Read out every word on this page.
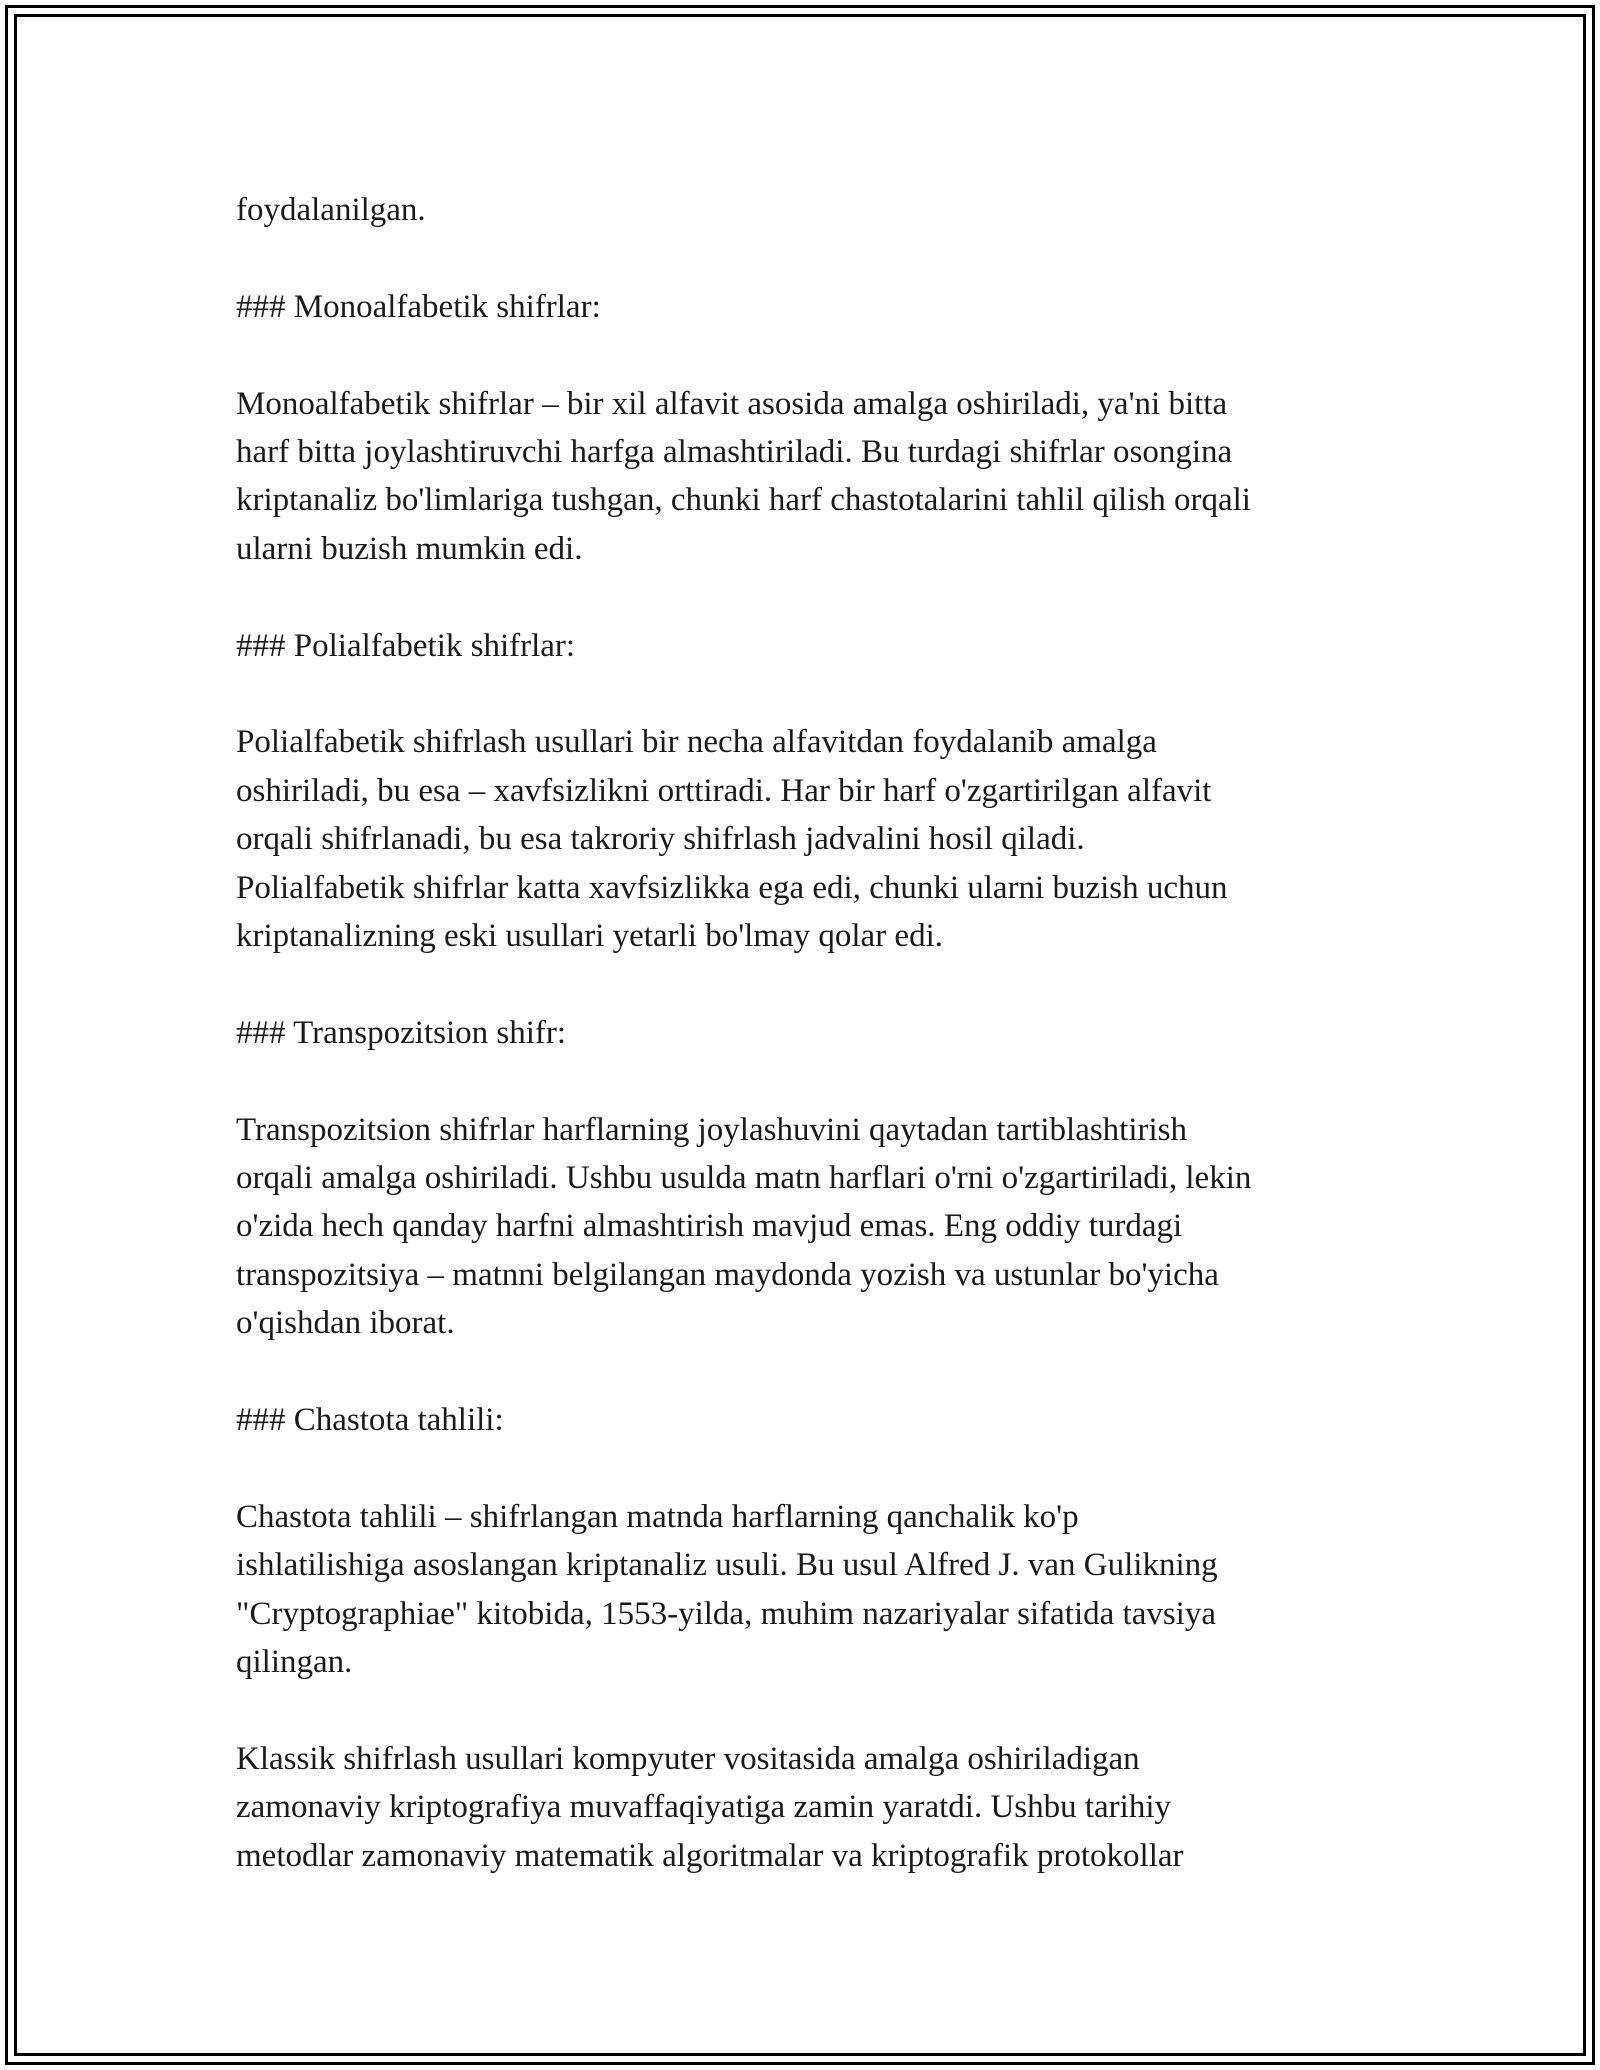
foydalanilgan.

### Monoalfabetik shifrlar:

Monoalfabetik shifrlar – bir xil alfavit asosida amalga oshiriladi, ya'ni bitta

harf bitta joylashtiruvchi harfga almashtiriladi. Bu turdagi shifrlar osongina

kriptanaliz bo'limlariga tushgan, chunki harf chastotalarini tahlil qilish orqali

ularni buzish mumkin edi.

### Polialfabetik shifrlar:

Polialfabetik shifrlash usullari bir necha alfavitdan foydalanib amalga

oshiriladi, bu esa – xavfsizlikni orttiradi. Har bir harf o'zgartirilgan alfavit

orqali shifrlanadi, bu esa takroriy shifrlash jadvalini hosil qiladi.

Polialfabetik shifrlar katta xavfsizlikka ega edi, chunki ularni buzish uchun

kriptanalizning eski usullari yetarli bo'lmay qolar edi.

### Transpozitsion shifr:

Transpozitsion shifrlar harflarning joylashuvini qaytadan tartiblashtirish

orqali amalga oshiriladi. Ushbu usulda matn harflari o'rni o'zgartiriladi, lekin

o'zida hech qanday harfni almashtirish mavjud emas. Eng oddiy turdagi

transpozitsiya – matnni belgilangan maydonda yozish va ustunlar bo'yicha

o'qishdan iborat.

### Chastota tahlili:

Chastota tahlili – shifrlangan matnda harflarning qanchalik ko'p

ishlatilishiga asoslangan kriptanaliz usuli. Bu usul Alfred J. van Gulikning

"Cryptographiae" kitobida, 1553-yilda, muhim nazariyalar sifatida tavsiya

qilingan.

Klassik shifrlash usullari kompyuter vositasida amalga oshiriladigan

zamonaviy kriptografiya muvaffaqiyatiga zamin yaratdi. Ushbu tarihiy

metodlar zamonaviy matematik algoritmalar va kriptografik protokollar
